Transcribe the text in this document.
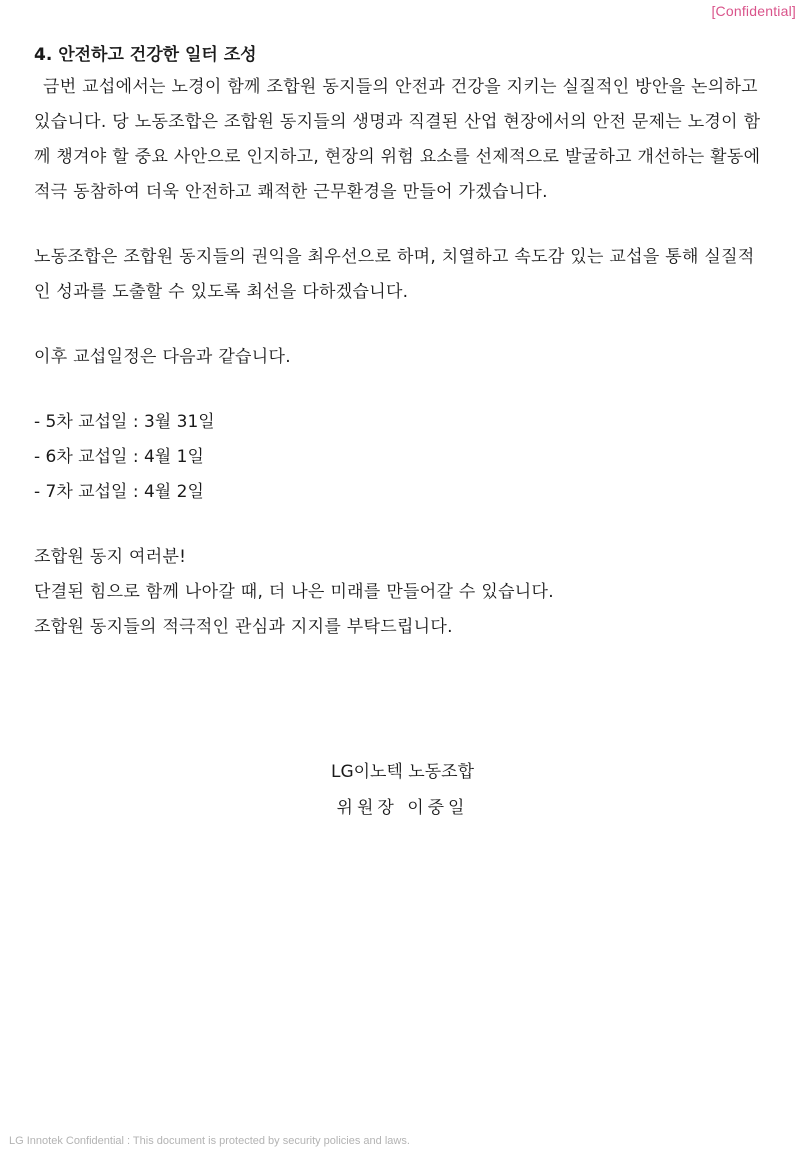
[Confidential]
4. 안전하고 건강한 일터 조성

금번 교섭에서는 노경이 함께 조합원 동지들의 안전과 건강을 지키는 실질적인 방안을 논의하고 있습니다. 당 노동조합은 조합원 동지들의 생명과 직결된 산업 현장에서의 안전 문제는 노경이 함께 챙겨야 할 중요 사안으로 인지하고, 현장의 위험 요소를 선제적으로 발굴하고 개선하는 활동에 적극 동참하여 더욱 안전하고 쾌적한 근무환경을 만들어 가겠습니다.

노동조합은 조합원 동지들의 권익을 최우선으로 하며, 치열하고 속도감 있는 교섭을 통해 실질적인 성과를 도출할 수 있도록 최선을 다하겠습니다.

이후 교섭일정은 다음과 같습니다.

- 5차 교섭일 : 3월 31일
- 6차 교섭일 : 4월 1일
- 7차 교섭일 : 4월 2일

조합원 동지 여러분!

단결된 힘으로 함께 나아갈 때, 더 나은 미래를 만들어갈 수 있습니다.

조합원 동지들의 적극적인 관심과 지지를 부탁드립니다.

LG이노텍 노동조합
위원장 이중일
LG Innotek Confidential : This document is protected by security policies and laws.
